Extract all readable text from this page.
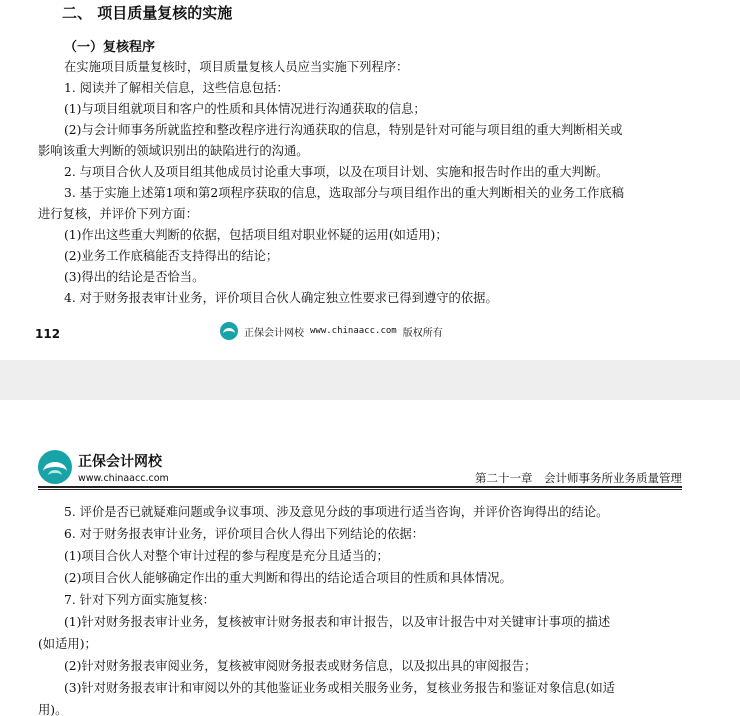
二、 项目质量复核的实施
（一）复核程序
在实施项目质量复核时，项目质量复核人员应当实施下列程序：
1. 阅读并了解相关信息，这些信息包括：
(1)与项目组就项目和客户的性质和具体情况进行沟通获取的信息；
(2)与会计师事务所就监控和整改程序进行沟通获取的信息，特别是针对可能与项目组的重大判断相关或
影响该重大判断的领域识别出的缺陷进行的沟通。
2. 与项目合伙人及项目组其他成员讨论重大事项，以及在项目计划、实施和报告时作出的重大判断。
3. 基于实施上述第1项和第2项程序获取的信息，选取部分与项目组作出的重大判断相关的业务工作底稿
进行复核，并评价下列方面：
(1)作出这些重大判断的依据，包括项目组对职业怀疑的运用(如适用)；
(2)业务工作底稿能否支持得出的结论；
(3)得出的结论是否恰当。
4. 对于财务报表审计业务，评价项目合伙人确定独立性要求已得到遵守的依据。
112	正保会计网校 www.chinaacc.com 版权所有
正保会计网校
www.chinaacc.com	第二十一章　会计师事务所业务质量管理
5. 评价是否已就疑难问题或争议事项、涉及意见分歧的事项进行适当咨询，并评价咨询得出的结论。
6. 对于财务报表审计业务，评价项目合伙人得出下列结论的依据：
(1)项目合伙人对整个审计过程的参与程度是充分且适当的；
(2)项目合伙人能够确定作出的重大判断和得出的结论适合项目的性质和具体情况。
7. 针对下列方面实施复核：
(1)针对财务报表审计业务，复核被审计财务报表和审计报告，以及审计报告中对关键审计事项的描述
(如适用)；
(2)针对财务报表审阅业务，复核被审阅财务报表或财务信息，以及拟出具的审阅报告；
(3)针对财务报表审计和审阅以外的其他鉴证业务或相关服务业务，复核业务报告和鉴证对象信息(如适
用)。
